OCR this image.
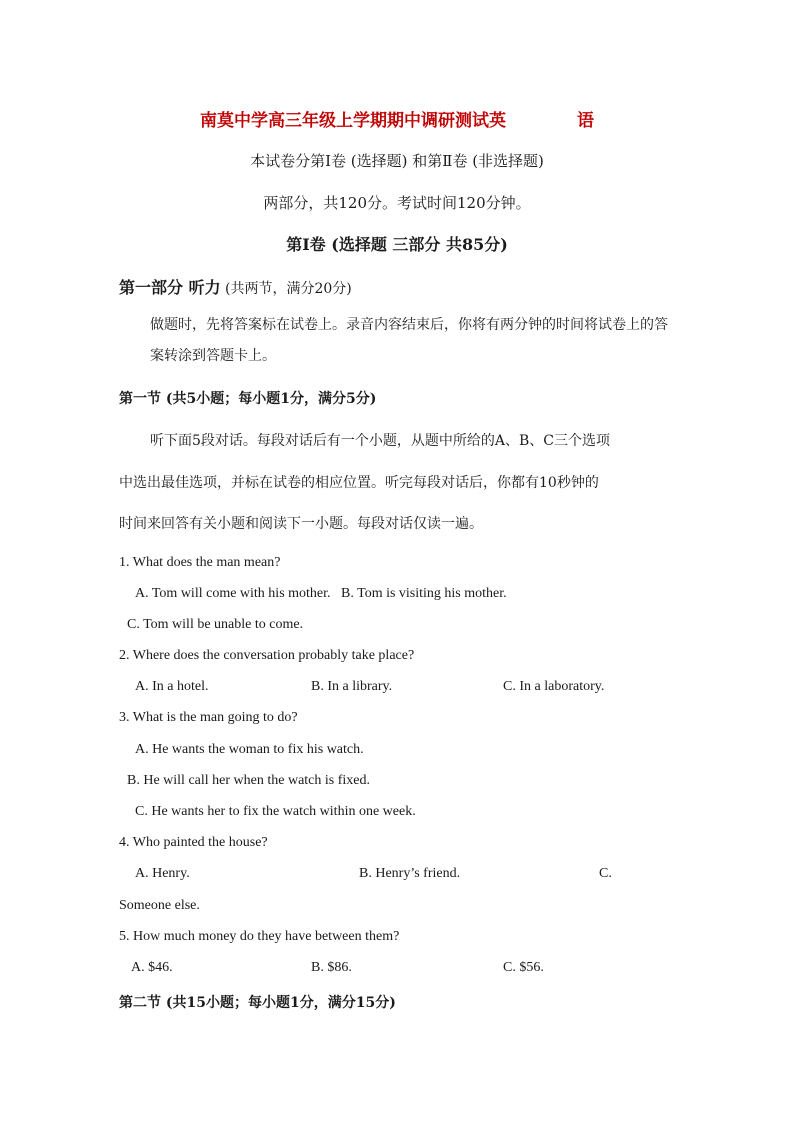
南莫中学高三年级上学期期中调研测试英	语
本试卷分第Ⅰ卷 (选择题) 和第Ⅱ卷 (非选择题)
两部分，共120分。考试时间120分钟。
第Ⅰ卷 (选择题 三部分 共85分)
第一部分 听力 (共两节，满分20分)
做题时，先将答案标在试卷上。录音内容结束后，你将有两分钟的时间将试卷上的答
案转涂到答题卡上。
第一节 (共5小题；每小题1分，满分5分)
听下面5段对话。每段对话后有一个小题，从题中所给的A、B、C三个选项
中选出最佳选项，并标在试卷的相应位置。听完每段对话后，你都有10秒钟的
时间来回答有关小题和阅读下一小题。每段对话仅读一遍。
1. What does the man mean?
A. Tom will come with his mother.   B. Tom is visiting his mother.
C. Tom will be unable to come.
2. Where does the conversation probably take place?
A. In a hotel.	B. In a library.	C. In a laboratory.
3. What is the man going to do?
A. He wants the woman to fix his watch.
B. He will call her when the watch is fixed.
C. He wants her to fix the watch within one week.
4. Who painted the house?
A. Henry.	B. Henry’s friend.	C.
Someone else.
5. How much money do they have between them?
A. $46.	B. $86.	C. $56.
第二节 (共15小题；每小题1分，满分15分)
